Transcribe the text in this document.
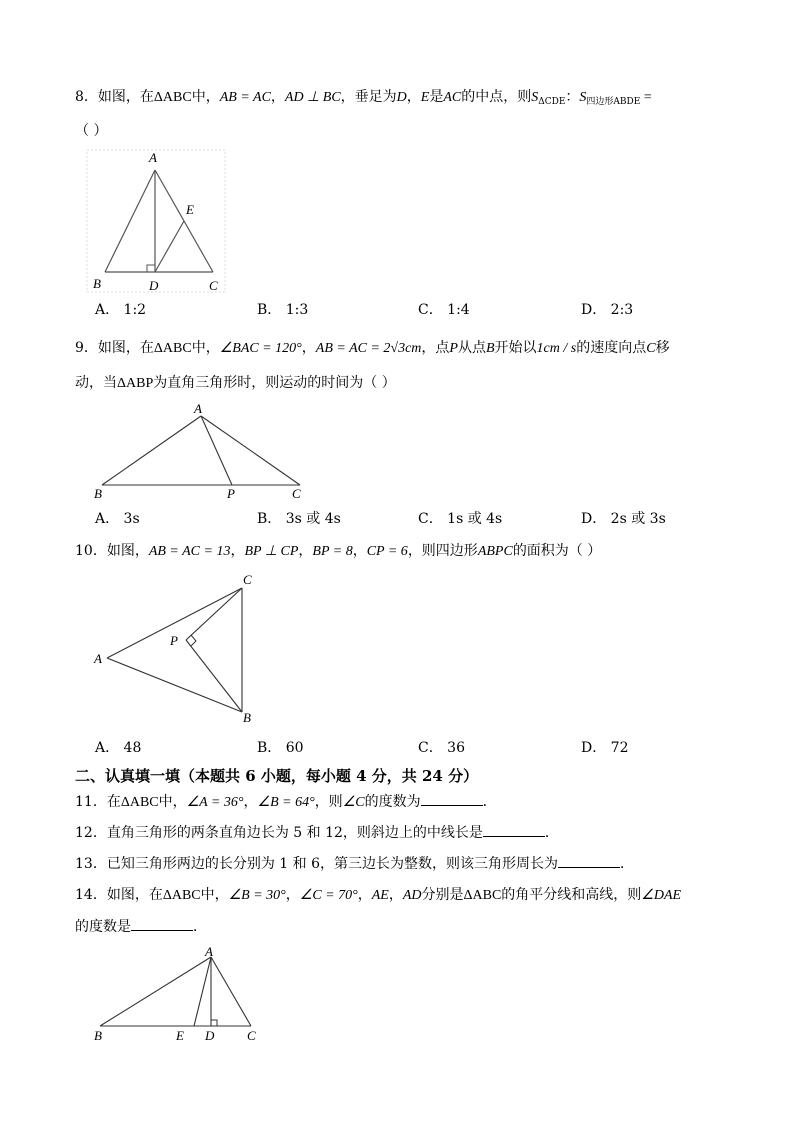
8．如图，在ΔABC中，AB = AC，AD ⊥ BC，垂足为D，E是AC的中点，则$S_{\Delta CDE}$：$S_{四边形ABDE}$ =
（ ）
A
E
B	D	C
A． 1:2	B． 1:3	C． 1:4	D． 2:3
9．如图，在ΔABC中，∠BAC = 120°，AB = AC = 2√3cm，点P从点B开始以1cm / s的速度向点C移
动，当ΔABP为直角三角形时，则运动的时间为（ ）
A
B	P	C
A． 3s	B． 3s 或 4s	C． 1s 或 4s	D． 2s 或 3s
10．如图，AB = AC = 13，BP ⊥ CP，BP = 8，CP = 6，则四边形ABPC的面积为（ ）
C
P
A
B
A． 48	B． 60	C． 36	D． 72
二、认真填一填（本题共 6 小题，每小题 4 分，共 24 分）
11．在ΔABC中，∠A = 36°，∠B = 64°，则∠C的度数为	．
12．直角三角形的两条直角边长为 5 和 12，则斜边上的中线长是	．
13．已知三角形两边的长分别为 1 和 6，第三边长为整数，则该三角形周长为	．
14．如图，在ΔABC中，∠B = 30°，∠C = 70°，AE，AD分别是ΔABC的角平分线和高线，则∠DAE
的度数是	．
A
B	E D	C
